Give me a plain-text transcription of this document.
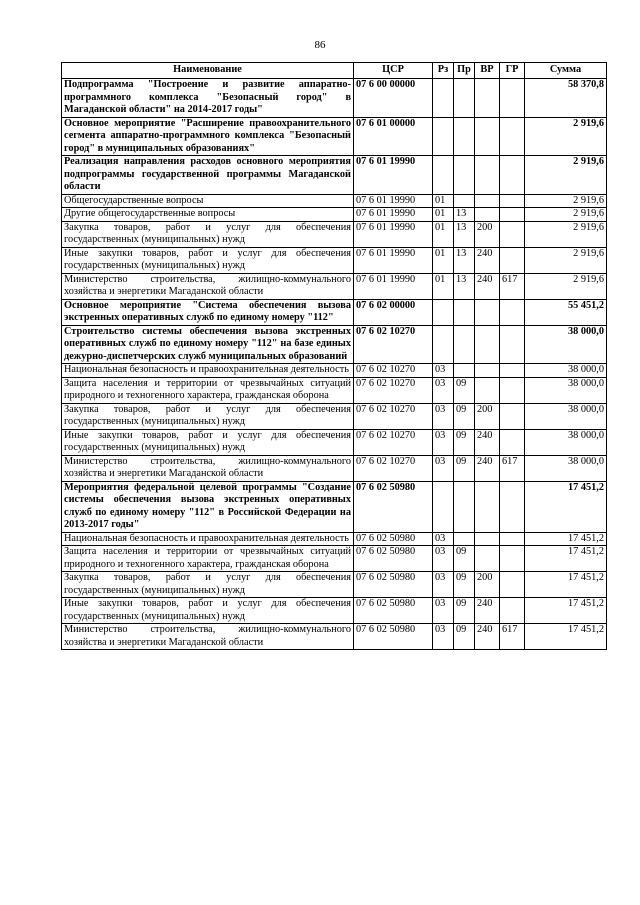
86
Наименование	ЦСР	Рз	Пр	ВР	ГР	Сумма
Подпрограмма "Построение и развитие аппаратно-программного комплекса "Безопасный город" в Магаданской области" на 2014-2017 годы"	07 6 00 00000					58 370,8
Основное мероприятие "Расширение правоохранительного сегмента аппаратно-программного комплекса "Безопасный город" в муниципальных образованиях"	07 6 01 00000					2 919,6
Реализация направления расходов основного мероприятия подпрограммы государственной программы Магаданской области	07 6 01 19990					2 919,6
Общегосударственные вопросы	07 6 01 19990	01				2 919,6
Другие общегосударственные вопросы	07 6 01 19990	01	13			2 919,6
Закупка товаров, работ и услуг для обеспечения государственных (муниципальных) нужд	07 6 01 19990	01	13	200		2 919,6
Иные закупки товаров, работ и услуг для обеспечения государственных (муниципальных) нужд	07 6 01 19990	01	13	240		2 919,6
Министерство строительства, жилищно-коммунального хозяйства и энергетики Магаданской области	07 6 01 19990	01	13	240	617	2 919,6
Основное мероприятие "Система обеспечения вызова экстренных оперативных служб по единому номеру "112"	07 6 02 00000					55 451,2
Строительство системы обеспечения вызова экстренных оперативных служб по единому номеру "112" на базе единых дежурно-диспетчерских служб муниципальных образований	07 6 02 10270					38 000,0
Национальная безопасность и правоохранительная деятельность	07 6 02 10270	03				38 000,0
Защита населения и территории от чрезвычайных ситуаций природного и техногенного характера, гражданская оборона	07 6 02 10270	03	09			38 000,0
Закупка товаров, работ и услуг для обеспечения государственных (муниципальных) нужд	07 6 02 10270	03	09	200		38 000,0
Иные закупки товаров, работ и услуг для обеспечения государственных (муниципальных) нужд	07 6 02 10270	03	09	240		38 000,0
Министерство строительства, жилищно-коммунального хозяйства и энергетики Магаданской области	07 6 02 10270	03	09	240	617	38 000,0
Мероприятия федеральной целевой программы "Создание системы обеспечения вызова экстренных оперативных служб по единому номеру "112" в Российской Федерации на 2013-2017 годы"	07 6 02 50980					17 451,2
Национальная безопасность и правоохранительная деятельность	07 6 02 50980	03				17 451,2
Защита населения и территории от чрезвычайных ситуаций природного и техногенного характера, гражданская оборона	07 6 02 50980	03	09			17 451,2
Закупка товаров, работ и услуг для обеспечения государственных (муниципальных) нужд	07 6 02 50980	03	09	200		17 451,2
Иные закупки товаров, работ и услуг для обеспечения государственных (муниципальных) нужд	07 6 02 50980	03	09	240		17 451,2
Министерство строительства, жилищно-коммунального хозяйства и энергетики Магаданской области	07 6 02 50980	03	09	240	617	17 451,2
